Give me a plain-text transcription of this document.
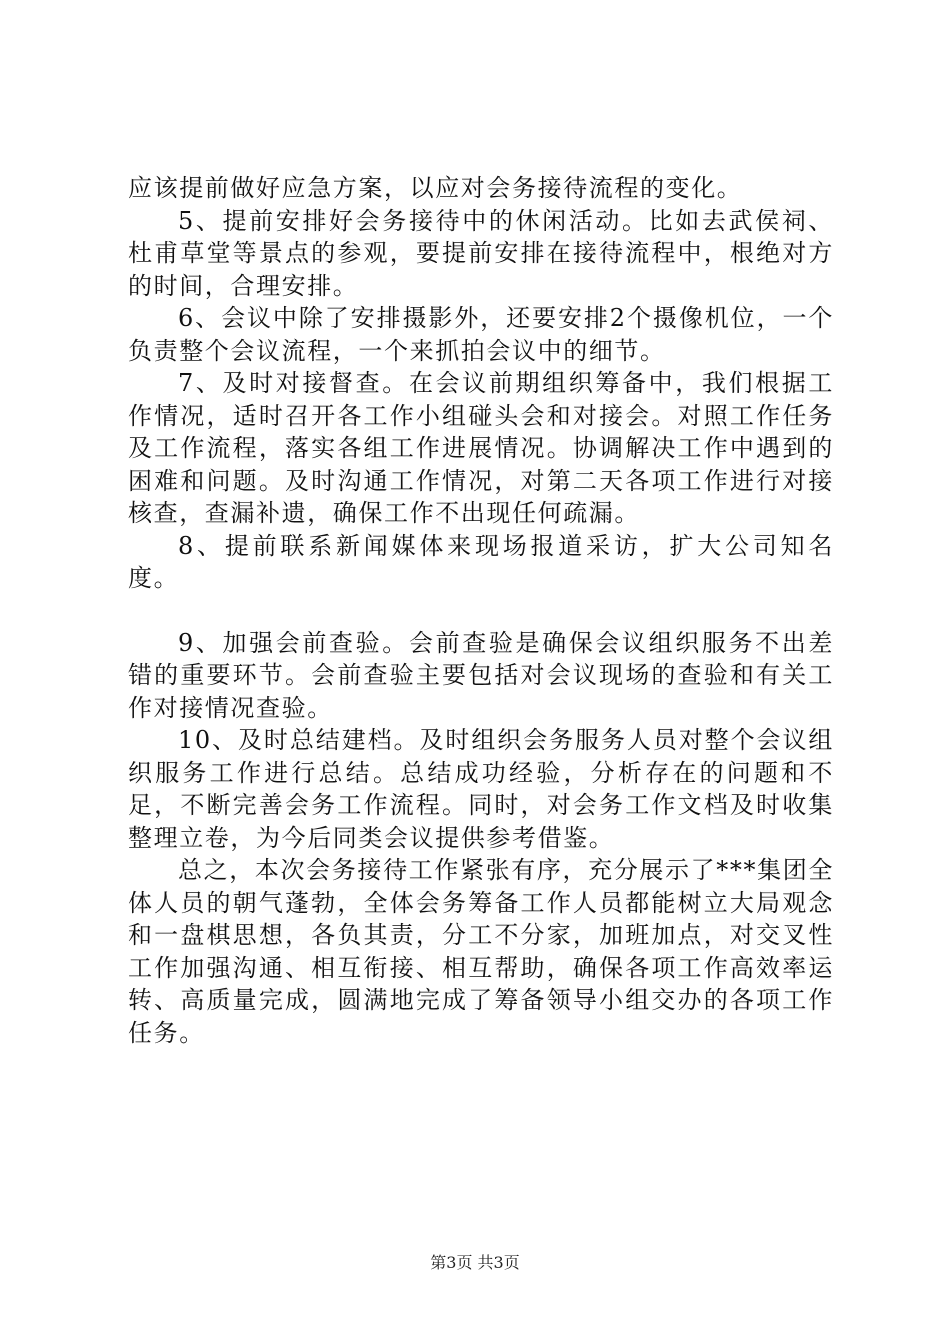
应该提前做好应急方案，以应对会务接待流程的变化。

5、提前安排好会务接待中的休闲活动。比如去武侯祠、杜甫草堂等景点的参观，要提前安排在接待流程中，根绝对方的时间，合理安排。

6、会议中除了安排摄影外，还要安排2个摄像机位，一个负责整个会议流程，一个来抓拍会议中的细节。

7、及时对接督查。在会议前期组织筹备中，我们根据工作情况，适时召开各工作小组碰头会和对接会。对照工作任务及工作流程，落实各组工作进展情况。协调解决工作中遇到的困难和问题。及时沟通工作情况，对第二天各项工作进行对接核查，查漏补遗，确保工作不出现任何疏漏。

8、提前联系新闻媒体来现场报道采访，扩大公司知名度。

9、加强会前查验。会前查验是确保会议组织服务不出差错的重要环节。会前查验主要包括对会议现场的查验和有关工作对接情况查验。

10、及时总结建档。及时组织会务服务人员对整个会议组织服务工作进行总结。总结成功经验，分析存在的问题和不足，不断完善会务工作流程。同时，对会务工作文档及时收集整理立卷，为今后同类会议提供参考借鉴。

总之，本次会务接待工作紧张有序，充分展示了***集团全体人员的朝气蓬勃，全体会务筹备工作人员都能树立大局观念和一盘棋思想，各负其责，分工不分家，加班加点，对交叉性工作加强沟通、相互衔接、相互帮助，确保各项工作高效率运转、高质量完成，圆满地完成了筹备领导小组交办的各项工作任务。

第3页 共3页
